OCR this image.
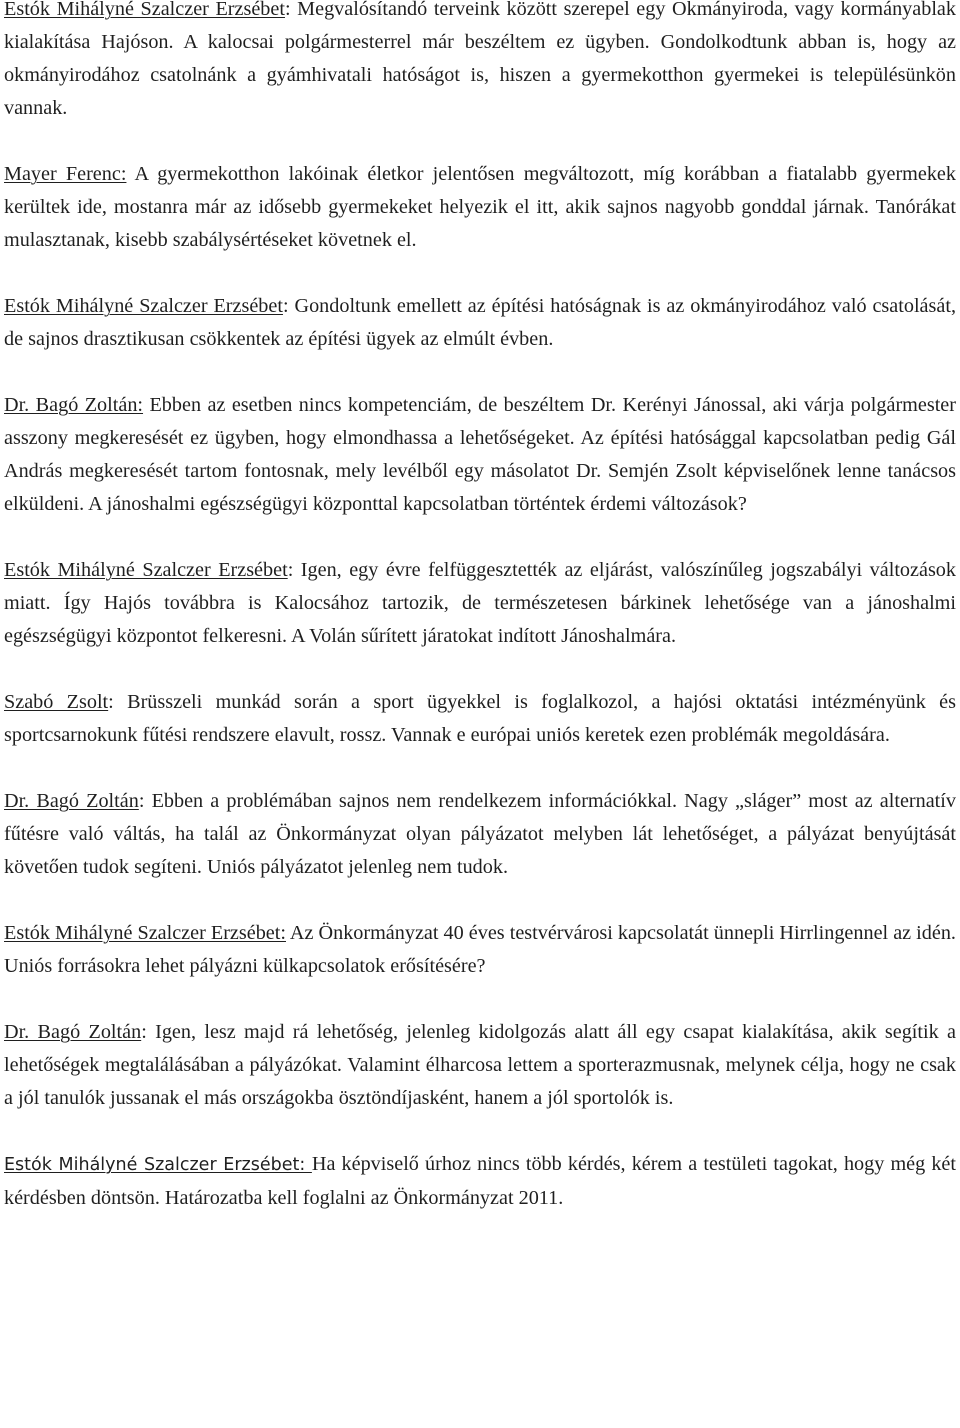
Estók Mihályné Szalczer Erzsébet: Megvalósítandó terveink között szerepel egy Okmányiroda, vagy kormányablak kialakítása Hajóson. A kalocsai polgármesterrel már beszéltem ez ügyben. Gondolkodtunk abban is, hogy az okmányirodához csatolnánk a gyámhivatali hatóságot is, hiszen a gyermekotthon gyermekei is településünkön vannak.

Mayer Ferenc: A gyermekotthon lakóinak életkor jelentősen megváltozott, míg korábban a fiatalabb gyermekek kerültek ide, mostanra már az idősebb gyermekeket helyezik el itt, akik sajnos nagyobb gonddal járnak. Tanórákat mulasztanak, kisebb szabálysértéseket követnek el.

Estók Mihályné Szalczer Erzsébet: Gondoltunk emellett az építési hatóságnak is az okmányirodához való csatolását, de sajnos drasztikusan csökkentek az építési ügyek az elmúlt évben.

Dr. Bagó Zoltán: Ebben az esetben nincs kompetenciám, de beszéltem Dr. Kerényi Jánossal, aki várja polgármester asszony megkeresését ez ügyben, hogy elmondhassa a lehetőségeket. Az építési hatósággal kapcsolatban pedig Gál András megkeresését tartom fontosnak, mely levélből egy másolatot Dr. Semjén Zsolt képviselőnek lenne tanácsos elküldeni. A jánoshalmi egészségügyi központtal kapcsolatban történtek érdemi változások?

Estók Mihályné Szalczer Erzsébet: Igen, egy évre felfüggesztették az eljárást, valószínűleg jogszabályi változások miatt. Így Hajós továbbra is Kalocsához tartozik, de természetesen bárkinek lehetősége van a jánoshalmi egészségügyi központot felkeresni. A Volán sűrített járatokat indított Jánoshalmára.

Szabó Zsolt: Brüsszeli munkád során a sport ügyekkel is foglalkozol, a hajósi oktatási intézményünk és sportcsarnokunk fűtési rendszere elavult, rossz. Vannak e európai uniós keretek ezen problémák megoldására.

Dr. Bagó Zoltán: Ebben a problémában sajnos nem rendelkezem információkkal. Nagy „sláger” most az alternatív fűtésre való váltás, ha talál az Önkormányzat olyan pályázatot melyben lát lehetőséget, a pályázat benyújtását követően tudok segíteni. Uniós pályázatot jelenleg nem tudok.

Estók Mihályné Szalczer Erzsébet: Az Önkormányzat 40 éves testvérvárosi kapcsolatát ünnepli Hirrlingennel az idén. Uniós forrásokra lehet pályázni külkapcsolatok erősítésére?

Dr. Bagó Zoltán: Igen, lesz majd rá lehetőség, jelenleg kidolgozás alatt áll egy csapat kialakítása, akik segítik a lehetőségek megtalálásában a pályázókat. Valamint élharcosa lettem a sporterazmusnak, melynek célja, hogy ne csak a jól tanulók jussanak el más országokba ösztöndíjasként, hanem a jól sportolók is.

Estók Mihályné Szalczer Erzsébet: Ha képviselő úrhoz nincs több kérdés, kérem a testületi tagokat, hogy még két kérdésben döntsön. Határozatba kell foglalni az Önkormányzat 2011.
